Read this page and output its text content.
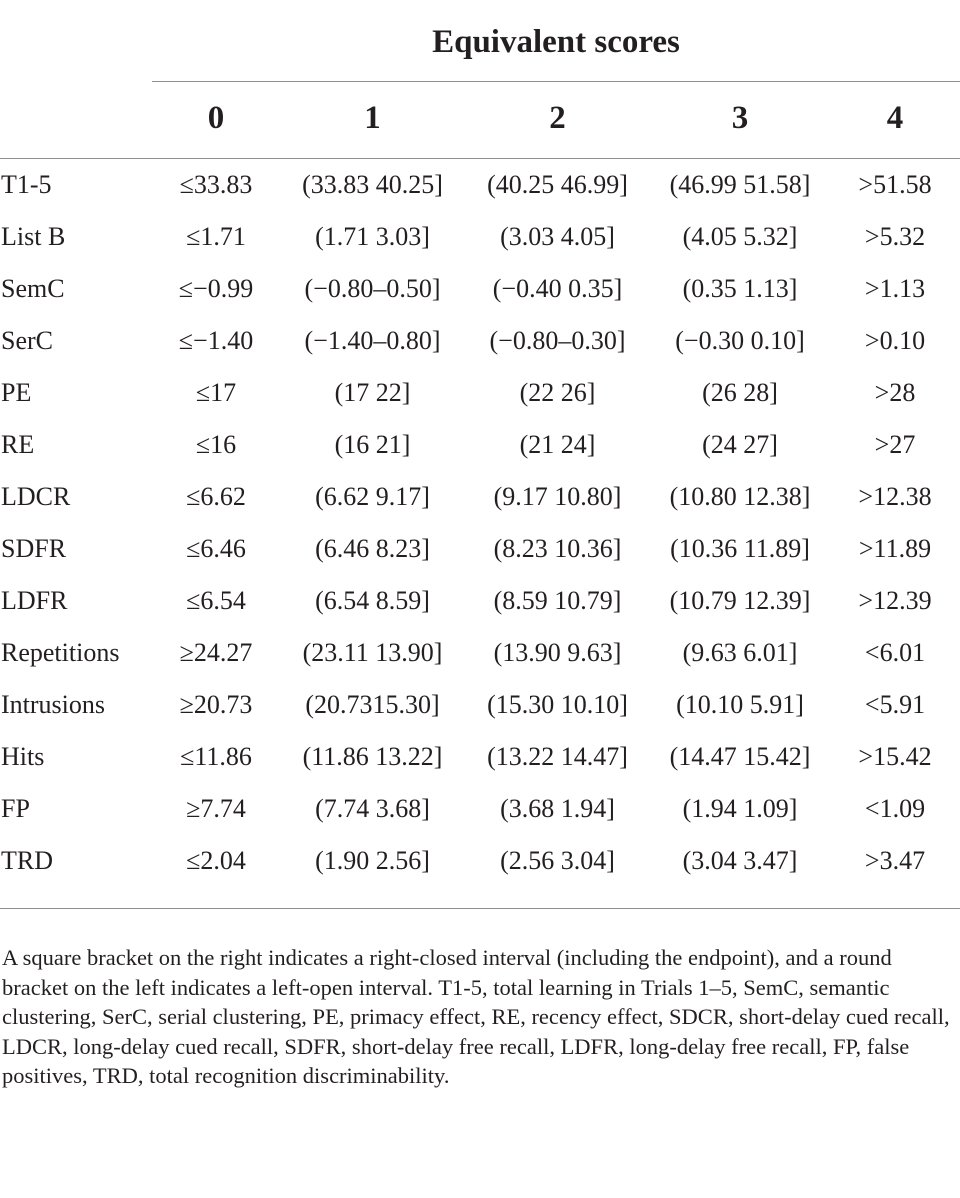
Equivalent scores
0	1	2	3	4
T1-5	≤33.83	(33.83 40.25]	(40.25 46.99]	(46.99 51.58]	>51.58
List B	≤1.71	(1.71 3.03]	(3.03 4.05]	(4.05 5.32]	>5.32
SemC	≤−0.99	(−0.80–0.50]	(−0.40 0.35]	(0.35 1.13]	>1.13
SerC	≤−1.40	(−1.40–0.80]	(−0.80–0.30]	(−0.30 0.10]	>0.10
PE	≤17	(17 22]	(22 26]	(26 28]	>28
RE	≤16	(16 21]	(21 24]	(24 27]	>27
LDCR	≤6.62	(6.62 9.17]	(9.17 10.80]	(10.80 12.38]	>12.38
SDFR	≤6.46	(6.46 8.23]	(8.23 10.36]	(10.36 11.89]	>11.89
LDFR	≤6.54	(6.54 8.59]	(8.59 10.79]	(10.79 12.39]	>12.39
Repetitions	≥24.27	(23.11 13.90]	(13.90 9.63]	(9.63 6.01]	<6.01
Intrusions	≥20.73	(20.7315.30]	(15.30 10.10]	(10.10 5.91]	<5.91
Hits	≤11.86	(11.86 13.22]	(13.22 14.47]	(14.47 15.42]	>15.42
FP	≥7.74	(7.74 3.68]	(3.68 1.94]	(1.94 1.09]	<1.09
TRD	≤2.04	(1.90 2.56]	(2.56 3.04]	(3.04 3.47]	>3.47
A square bracket on the right indicates a right-closed interval (including the endpoint), and a round bracket on the left indicates a left-open interval. T1-5, total learning in Trials 1–5, SemC, semantic clustering, SerC, serial clustering, PE, primacy effect, RE, recency effect, SDCR, short-delay cued recall, LDCR, long-delay cued recall, SDFR, short-delay free recall, LDFR, long-delay free recall, FP, false positives, TRD, total recognition discriminability.
